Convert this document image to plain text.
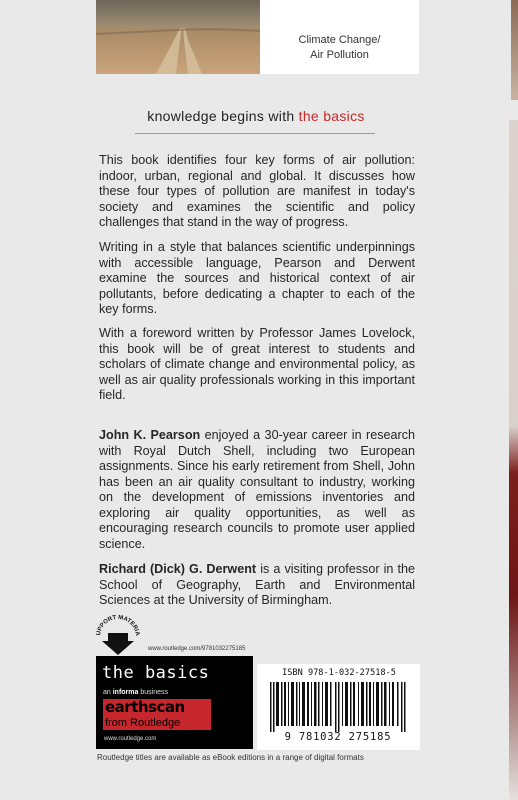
Climate Change/
Air Pollution
knowledge begins with the basics

This book identifies four key forms of air pollution: indoor, urban, regional and global. It discusses how these four types of pollution are manifest in today's society and examines the scientific and policy challenges that stand in the way of progress.

Writing in a style that balances scientific underpinnings with accessible language, Pearson and Derwent examine the sources and historical context of air pollutants, before dedicating a chapter to each of the key forms.

With a foreword written by Professor James Lovelock, this book will be of great interest to students and scholars of climate change and environmental policy, as well as air quality professionals working in this important field.

John K. Pearson enjoyed a 30-year career in research with Royal Dutch Shell, including two European assignments. Since his early retirement from Shell, John has been an air quality consultant to industry, working on the development of emissions inventories and exploring air quality opportunities, as well as encouraging research councils to promote user applied science.

Richard (Dick) G. Derwent is a visiting professor in the School of Geography, Earth and Environmental Sciences at the University of Birmingham.

UPPORT MATERIA
www.routledge.com/9781032275185
the basics
an informa business
earthscan
from Routledge
www.routledge.com
ISBN 978-1-032-27518-5
9 781032 275185
Routledge titles are available as eBook editions in a range of digital formats
